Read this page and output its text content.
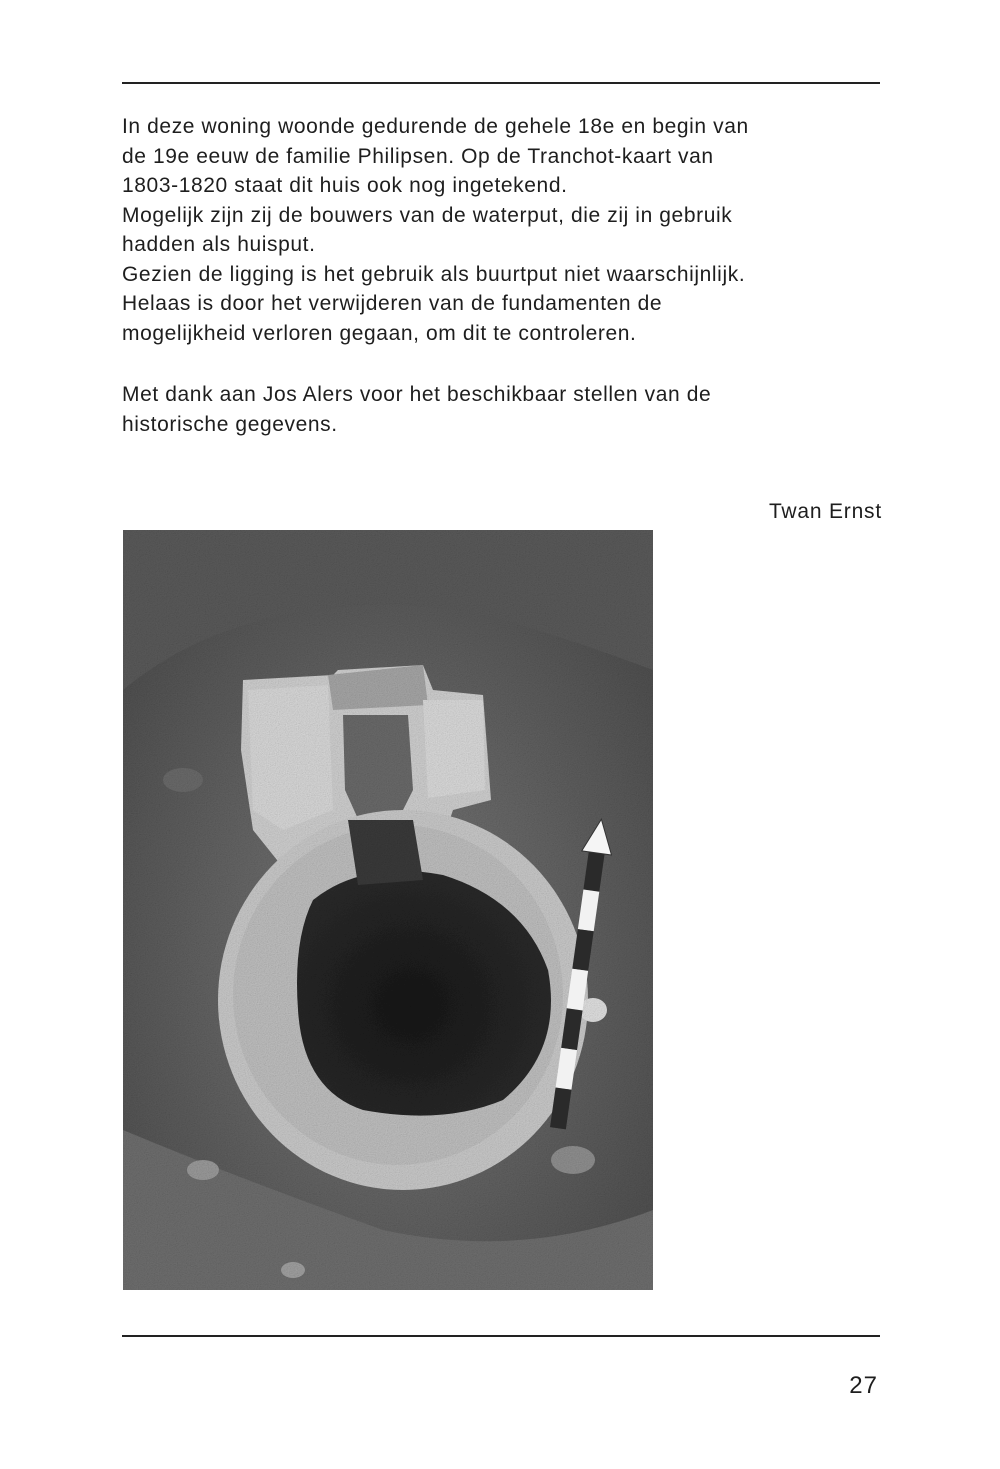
In deze woning woonde gedurende de gehele 18e en begin van
de 19e eeuw de familie Philipsen. Op de Tranchot-kaart van
1803-1820 staat dit huis ook nog ingetekend.
Mogelijk zijn zij de bouwers van de waterput, die zij in gebruik
hadden als huisput.
Gezien de ligging is het gebruik als buurtput niet waarschijnlijk.
Helaas is door het verwijderen van de fundamenten de
mogelijkheid verloren gegaan, om dit te controleren.
Met dank aan Jos Alers voor het beschikbaar stellen van de
historische gegevens.
Twan Ernst
27
